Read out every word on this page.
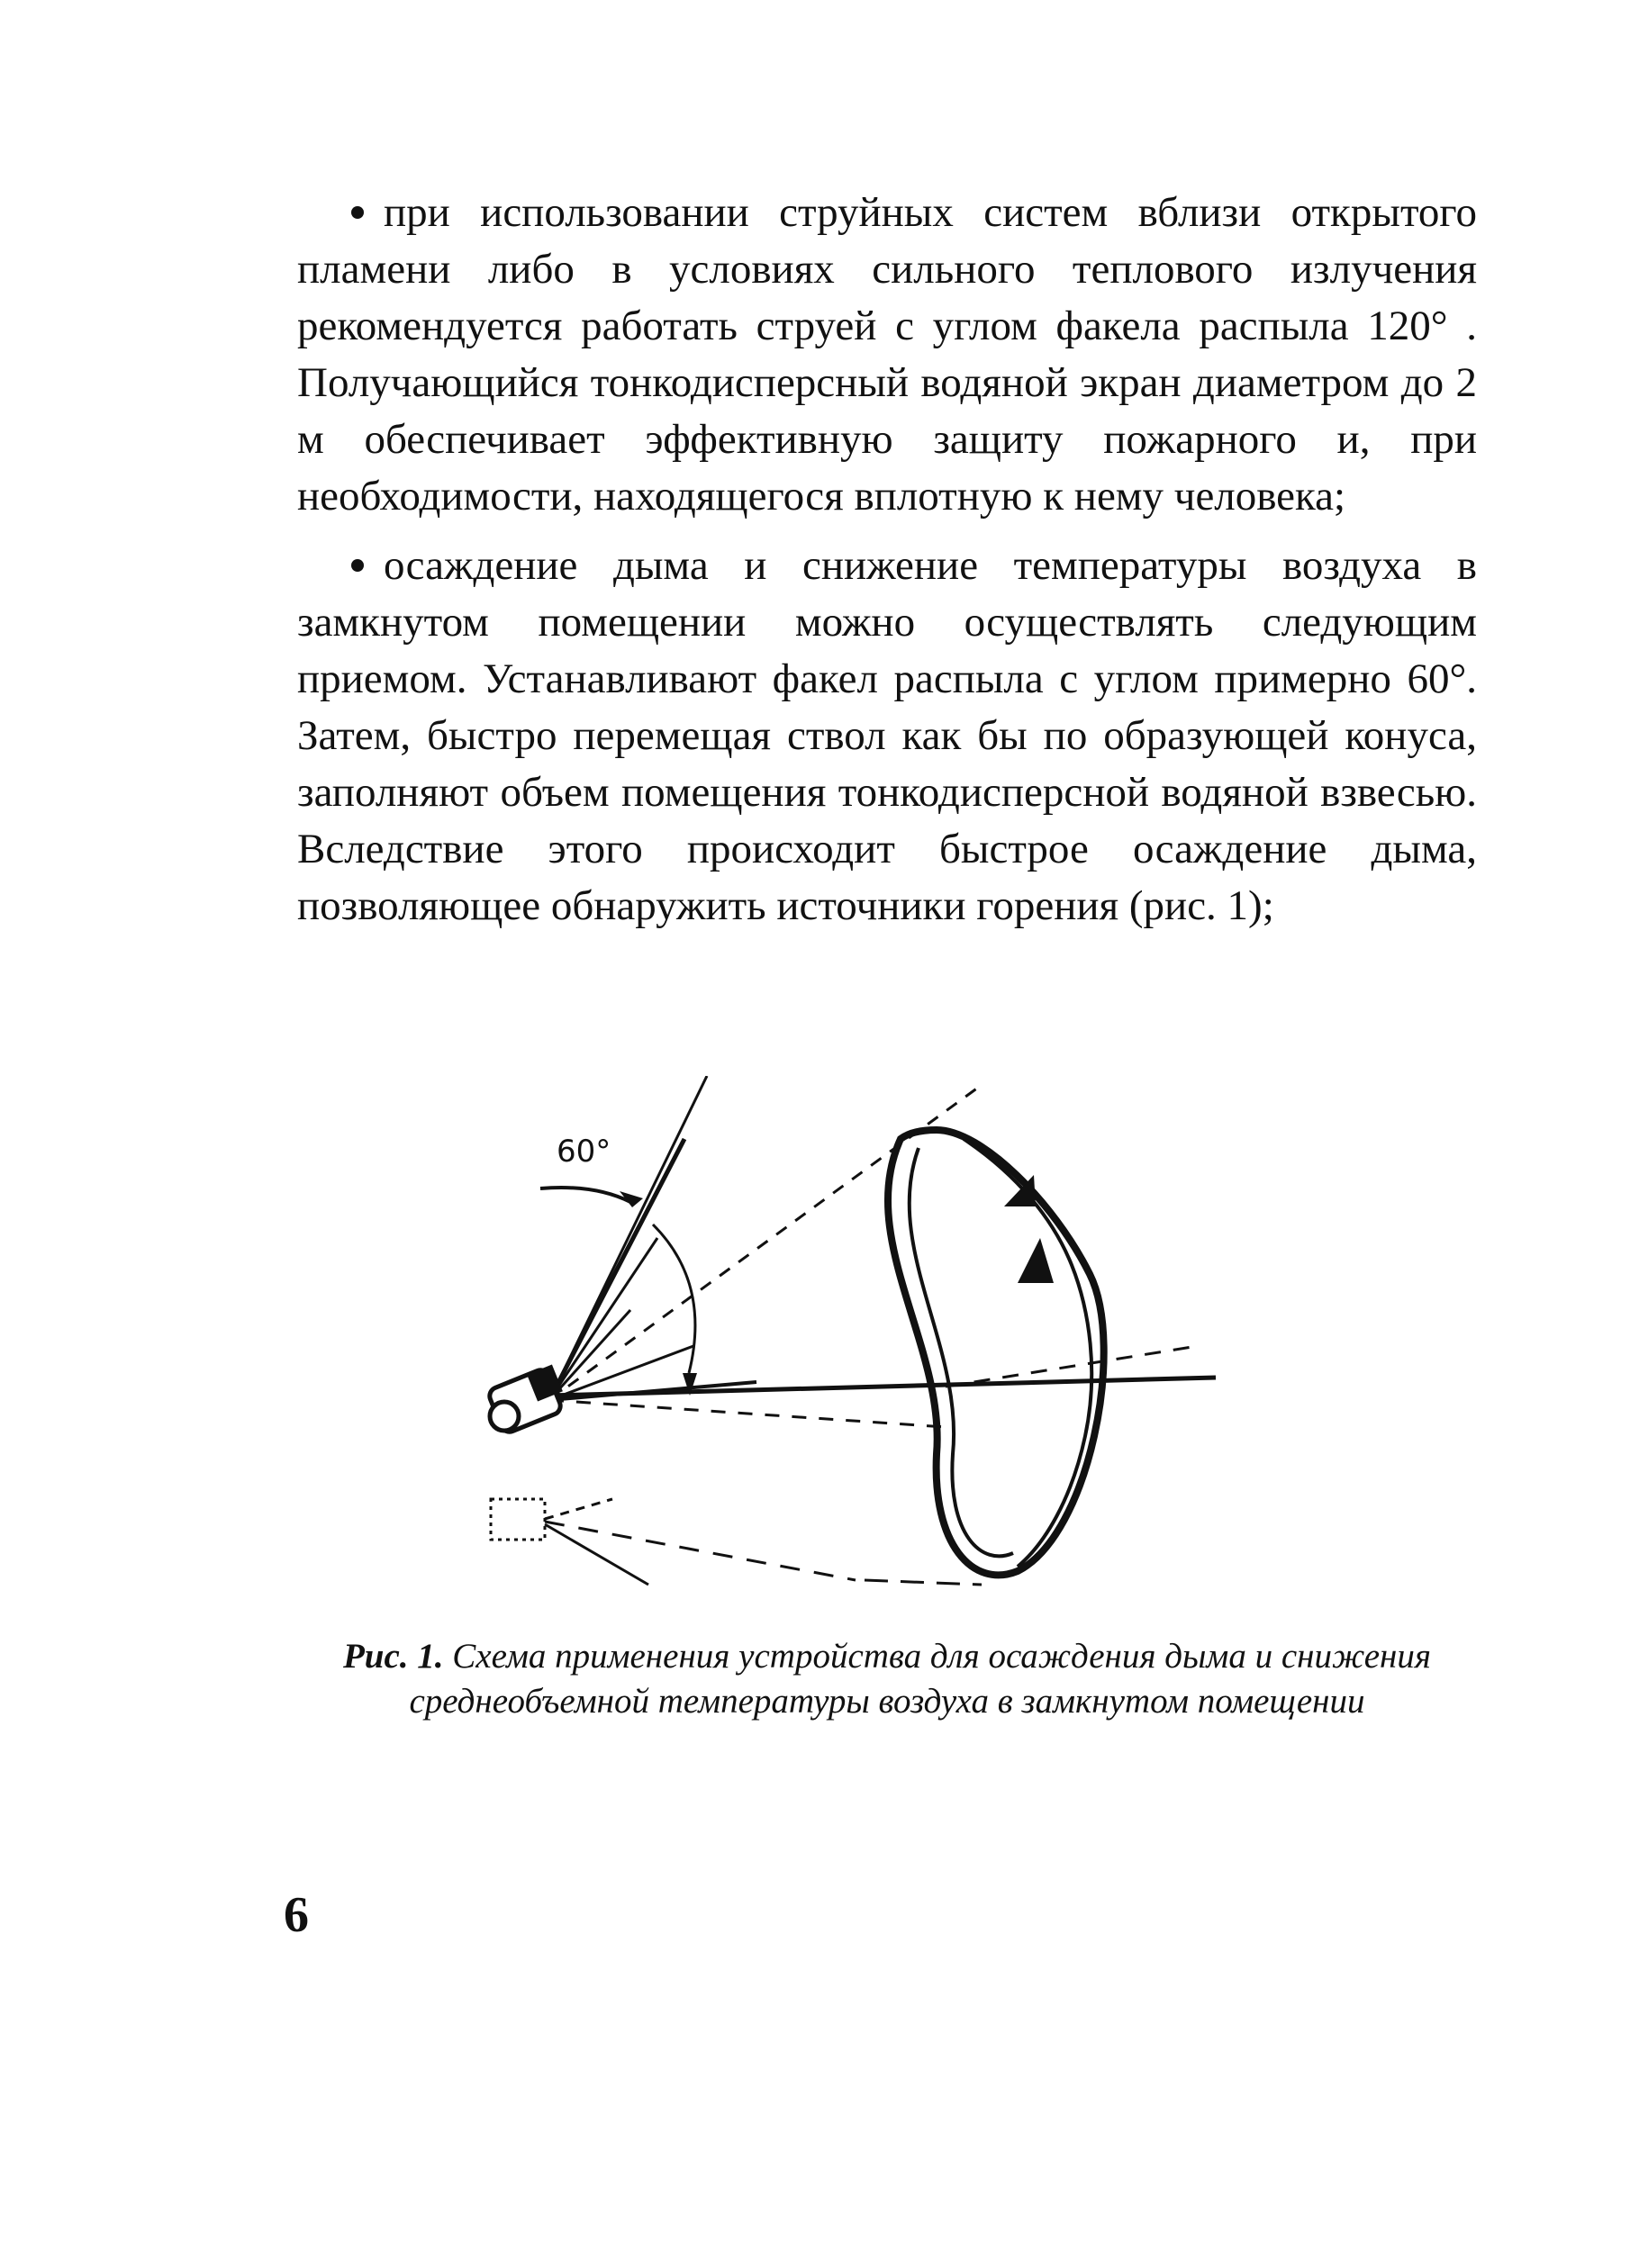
при использовании струйных систем вблизи открытого пламени либо в условиях сильного теплового излучения рекомендуется работать струей с углом факела распыла 120° . Получающийся тонкодисперсный водяной экран диаметром до 2 м обеспечивает эффективную защиту пожарного и, при необходимости, находящегося вплотную к нему человека;

осаждение дыма и снижение температуры воздуха в замкнутом помещении можно осуществлять следующим приемом. Устанавливают факел распыла с углом примерно 60°. Затем, быстро перемещая ствол как бы по образующей конуса, заполняют объем помещения тонкодисперсной водяной взвесью. Вследствие этого происходит быстрое осаждение дыма, позволяющее обнаружить источники горения (рис. 1);

60°
Рис. 1. Схема применения устройства для осаждения дыма и снижения среднеобъемной температуры воздуха в замкнутом помещении
6
